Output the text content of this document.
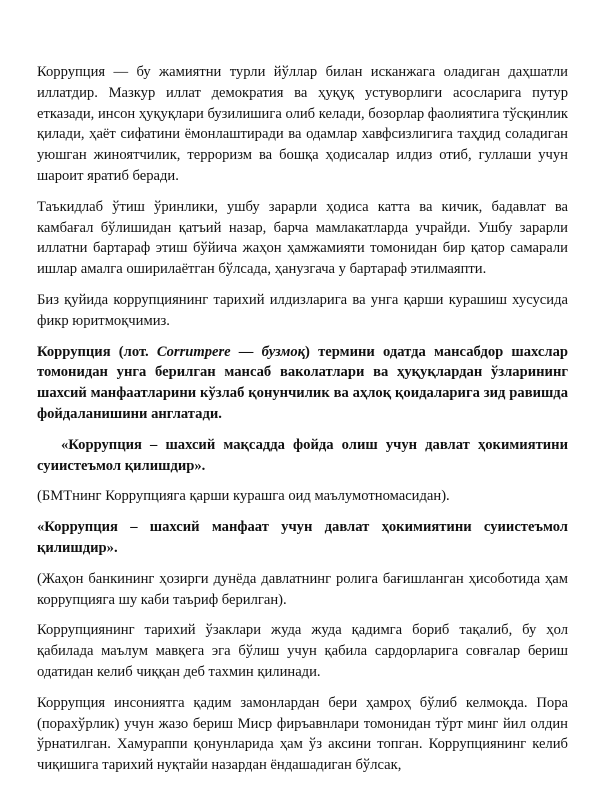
Коррупция — бу жамиятни турли йўллар билан исканжага оладиган даҳшатли иллатдир. Мазкур иллат демократия ва ҳуқуқ устуворлиги асосларига путур етказади, инсон ҳуқуқлари бузилишига олиб келади, бозорлар фаолиятига тўсқинлик қилади, ҳаёт сифатини ёмонлаштиради ва одамлар хавфсизлигига таҳдид соладиган уюшган жиноятчилик, терроризм ва бошқа ҳодисалар илдиз отиб, гуллаши учун шароит яратиб беради.

Таъкидлаб ўтиш ўринлики, ушбу зарарли ҳодиса катта ва кичик, бадавлат ва камбағал бўлишидан қатъий назар, барча мамлакатларда учрайди. Ушбу зарарли иллатни бартараф этиш бўйича жаҳон ҳамжамияти томонидан бир қатор самарали ишлар амалга оширилаётган бўлсада, ҳанузгача у бартараф этилмаяпти.

Биз қуйида коррупциянинг тарихий илдизларига ва унга қарши курашиш хусусида фикр юритмоқчимиз.

Коррупция (лот. Corrumpere — бузмоқ) термини одатда мансабдор шахслар томонидан унга берилган мансаб ваколатлари ва ҳуқуқлардан ўзларининг шахсий манфаатларини кўзлаб қонунчилик ва аҳлоқ қоидаларига зид равишда фойдаланишини англатади.

«Коррупция – шахсий мақсадда фойда олиш учун давлат ҳокимиятини суиистеъмол қилишдир».

(БМТнинг Коррупцияга қарши курашга оид маълумотномасидан).

«Коррупция – шахсий манфаат учун давлат ҳокимиятини суиистеъмол қилишдир».

(Жаҳон банкининг ҳозирги дунёда давлатнинг ролига бағишланган ҳисоботида ҳам коррупцияга шу каби таъриф берилган).

Коррупциянинг тарихий ўзаклари жуда жуда қадимга бориб тақалиб, бу ҳол қабилада маълум мавқега эга бўлиш учун қабила сардорларига совғалар бериш одатидан келиб чиққан деб тахмин қилинади.

Коррупция инсониятга қадим замонлардан бери ҳамроҳ бўлиб келмоқда. Пора (порахўрлик) учун жазо бериш Миср фиръавнлари томонидан тўрт минг йил олдин ўрнатилган. Хамураппи қонунларида ҳам ўз аксини топган. Коррупциянинг келиб чиқишига тарихий нуқтайи назардан ёндашадиган бўлсак,
